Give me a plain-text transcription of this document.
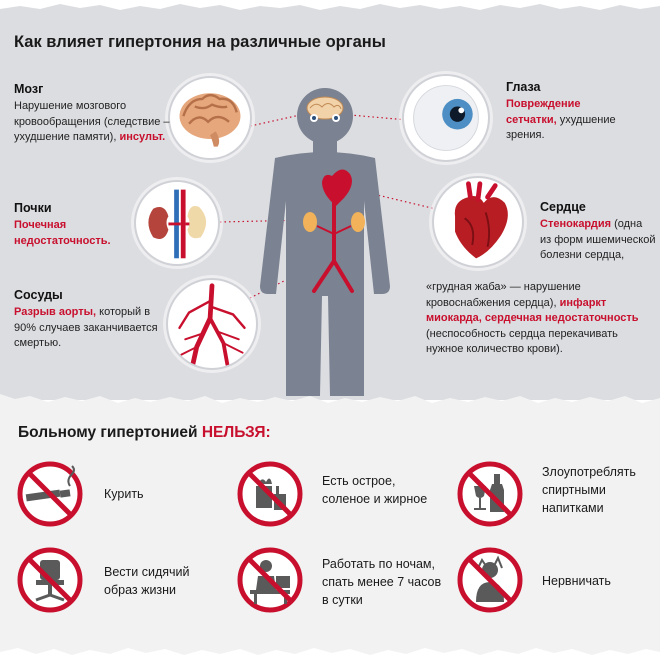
Как влияет гипертония на различные органы
Мозг
Нарушение мозгового кровообращения (следствие – ухудшение памяти), инсульт.
Почки
Почечная недостаточность.
Сосуды
Разрыв аорты, который в 90% случаев заканчивается смертью.
Глаза
Повреждение сетчатки, ухудшение зрения.
Сердце
Стенокардия (одна из форм ишемической болезни сердца,
«грудная жаба» — нарушение кровоснабжения сердца), инфаркт миокарда, сердечная недостаточность (неспособность сердца перекачивать нужное количество крови).
Больному гипертонией НЕЛЬЗЯ:
Курить
Есть острое, соленое и жирное
Злоупотреблять спиртными напитками
Вести сидячий образ жизни
Работать по ночам, спать менее 7 часов в сутки
Нервничать
